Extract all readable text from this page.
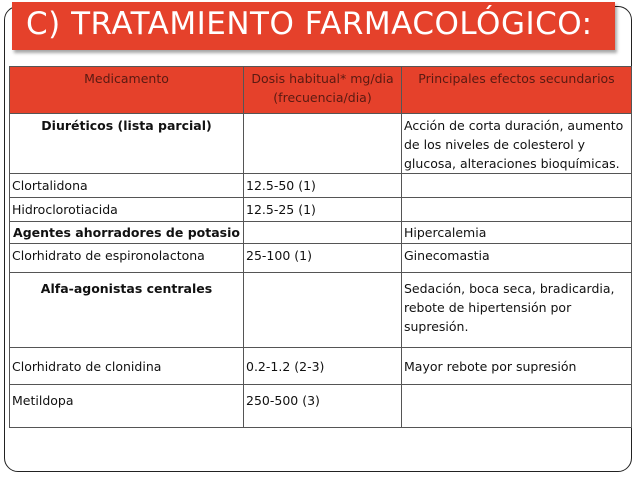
C) TRATAMIENTO FARMACOLÓGICO:
Medicamento	Dosis habitual* mg/dia (frecuencia/dia)	Principales efectos secundarios
Diuréticos (lista parcial)		Acción de corta duración, aumento de los niveles de colesterol y glucosa, alteraciones bioquímicas.
Clortalidona	12.5-50 (1)	
Hidroclorotiacida	12.5-25 (1)	
Agentes ahorradores de potasio		Hipercalemia
Clorhidrato de espironolactona	25-100 (1)	Ginecomastia
Alfa-agonistas centrales		Sedación, boca seca, bradicardia, rebote de hipertensión por supresión.
Clorhidrato de clonidina	0.2-1.2 (2-3)	Mayor rebote por supresión
Metildopa	250-500 (3)	
